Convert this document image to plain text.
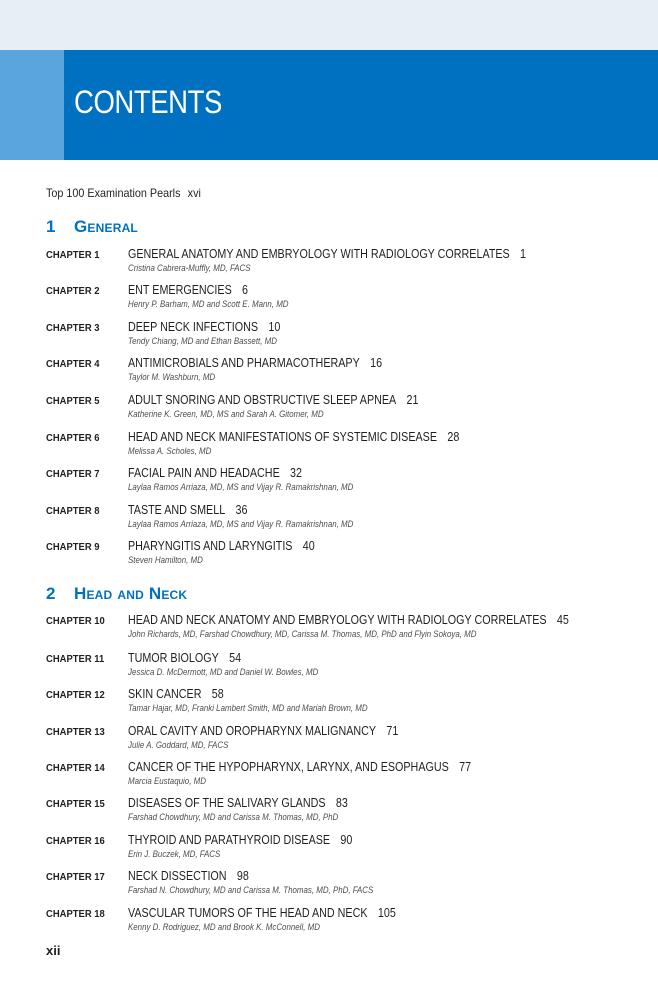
CONTENTS
Top 100 Examination Pearls xvi
1 General
CHAPTER 1 GENERAL ANATOMY AND EMBRYOLOGY WITH RADIOLOGY CORRELATES 1
Cristina Cabrera-Muffly, MD, FACS
CHAPTER 2 ENT EMERGENCIES 6
Henry P. Barham, MD and Scott E. Mann, MD
CHAPTER 3 DEEP NECK INFECTIONS 10
Tendy Chiang, MD and Ethan Bassett, MD
CHAPTER 4 ANTIMICROBIALS AND PHARMACOTHERAPY 16
Taylor M. Washburn, MD
CHAPTER 5 ADULT SNORING AND OBSTRUCTIVE SLEEP APNEA 21
Katherine K. Green, MD, MS and Sarah A. Gitomer, MD
CHAPTER 6 HEAD AND NECK MANIFESTATIONS OF SYSTEMIC DISEASE 28
Melissa A. Scholes, MD
CHAPTER 7 FACIAL PAIN AND HEADACHE 32
Laylaa Ramos Arriaza, MD, MS and Vijay R. Ramakrishnan, MD
CHAPTER 8 TASTE AND SMELL 36
Laylaa Ramos Arriaza, MD, MS and Vijay R. Ramakrishnan, MD
CHAPTER 9 PHARYNGITIS AND LARYNGITIS 40
Steven Hamilton, MD
2 Head and Neck
CHAPTER 10 HEAD AND NECK ANATOMY AND EMBRYOLOGY WITH RADIOLOGY CORRELATES 45
John Richards, MD, Farshad Chowdhury, MD, Carissa M. Thomas, MD, PhD and Flyin Sokoya, MD
CHAPTER 11 TUMOR BIOLOGY 54
Jessica D. McDermott, MD and Daniel W. Bowles, MD
CHAPTER 12 SKIN CANCER 58
Tamar Hajar, MD, Franki Lambert Smith, MD and Mariah Brown, MD
CHAPTER 13 ORAL CAVITY AND OROPHARYNX MALIGNANCY 71
Julie A. Goddard, MD, FACS
CHAPTER 14 CANCER OF THE HYPOPHARYNX, LARYNX, AND ESOPHAGUS 77
Marcia Eustaquio, MD
CHAPTER 15 DISEASES OF THE SALIVARY GLANDS 83
Farshad Chowdhury, MD and Carissa M. Thomas, MD, PhD
CHAPTER 16 THYROID AND PARATHYROID DISEASE 90
Erin J. Buczek, MD, FACS
CHAPTER 17 NECK DISSECTION 98
Farshad N. Chowdhury, MD and Carissa M. Thomas, MD, PhD, FACS
CHAPTER 18 VASCULAR TUMORS OF THE HEAD AND NECK 105
Kenny D. Rodriguez, MD and Brook K. McConnell, MD
xii
